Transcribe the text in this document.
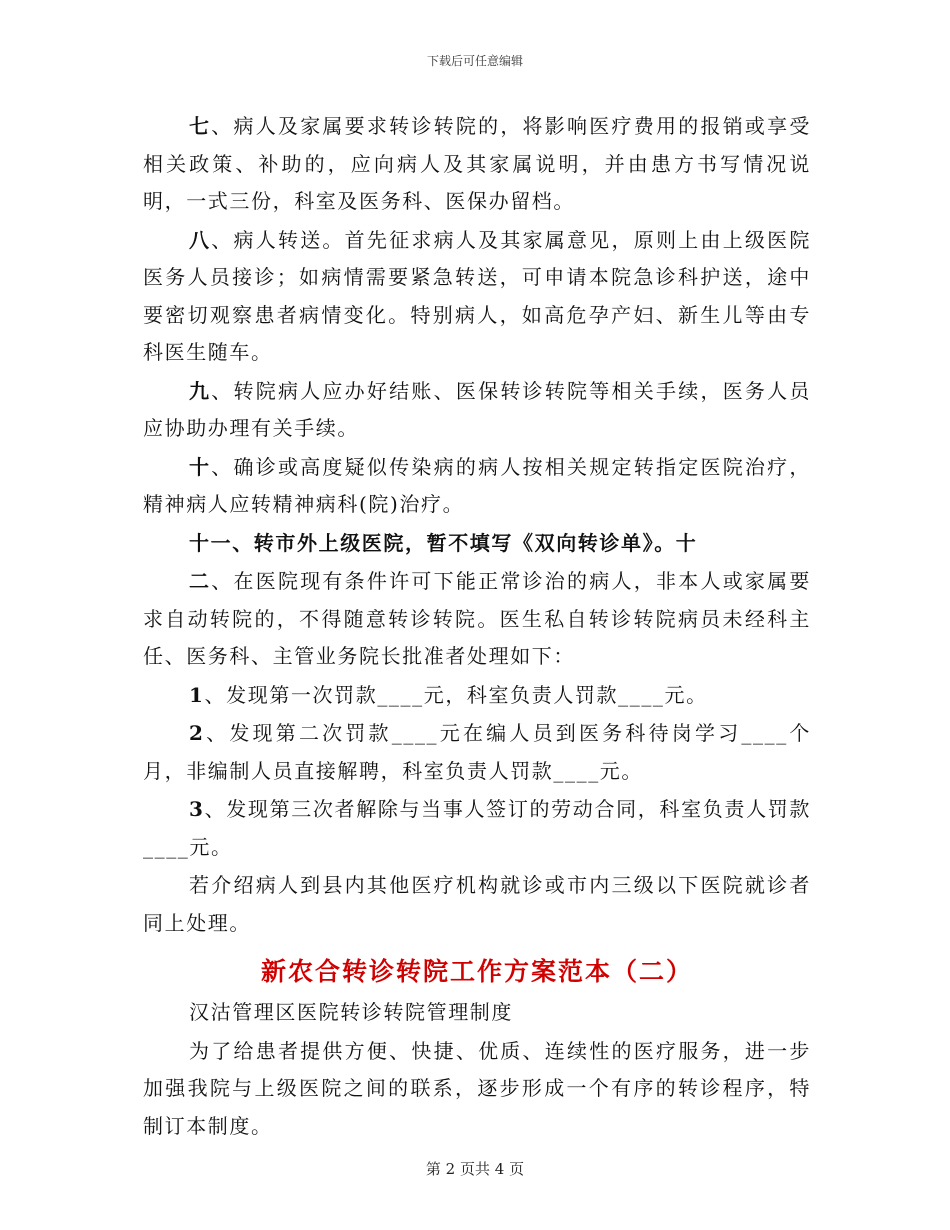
下载后可任意编辑
七、病人及家属要求转诊转院的，将影响医疗费用的报销或享受相关政策、补助的，应向病人及其家属说明，并由患方书写情况说明，一式三份，科室及医务科、医保办留档。
八、病人转送。首先征求病人及其家属意见，原则上由上级医院医务人员接诊；如病情需要紧急转送，可申请本院急诊科护送，途中要密切观察患者病情变化。特别病人，如高危孕产妇、新生儿等由专科医生随车。
九、转院病人应办好结账、医保转诊转院等相关手续，医务人员应协助办理有关手续。
十、确诊或高度疑似传染病的病人按相关规定转指定医院治疗，精神病人应转精神病科(院)治疗。
十一、转市外上级医院，暂不填写《双向转诊单》。十
二、在医院现有条件许可下能正常诊治的病人，非本人或家属要求自动转院的，不得随意转诊转院。医生私自转诊转院病员未经科主任、医务科、主管业务院长批准者处理如下：
1、发现第一次罚款____元，科室负责人罚款____元。
2、发现第二次罚款____元在编人员到医务科待岗学习____个月，非编制人员直接解聘，科室负责人罚款____元。
3、发现第三次者解除与当事人签订的劳动合同，科室负责人罚款____元。
若介绍病人到县内其他医疗机构就诊或市内三级以下医院就诊者同上处理。
新农合转诊转院工作方案范本（二）
汉沽管理区医院转诊转院管理制度
为了给患者提供方便、快捷、优质、连续性的医疗服务，进一步加强我院与上级医院之间的联系，逐步形成一个有序的转诊程序，特制订本制度。
第 2 页共 4 页
